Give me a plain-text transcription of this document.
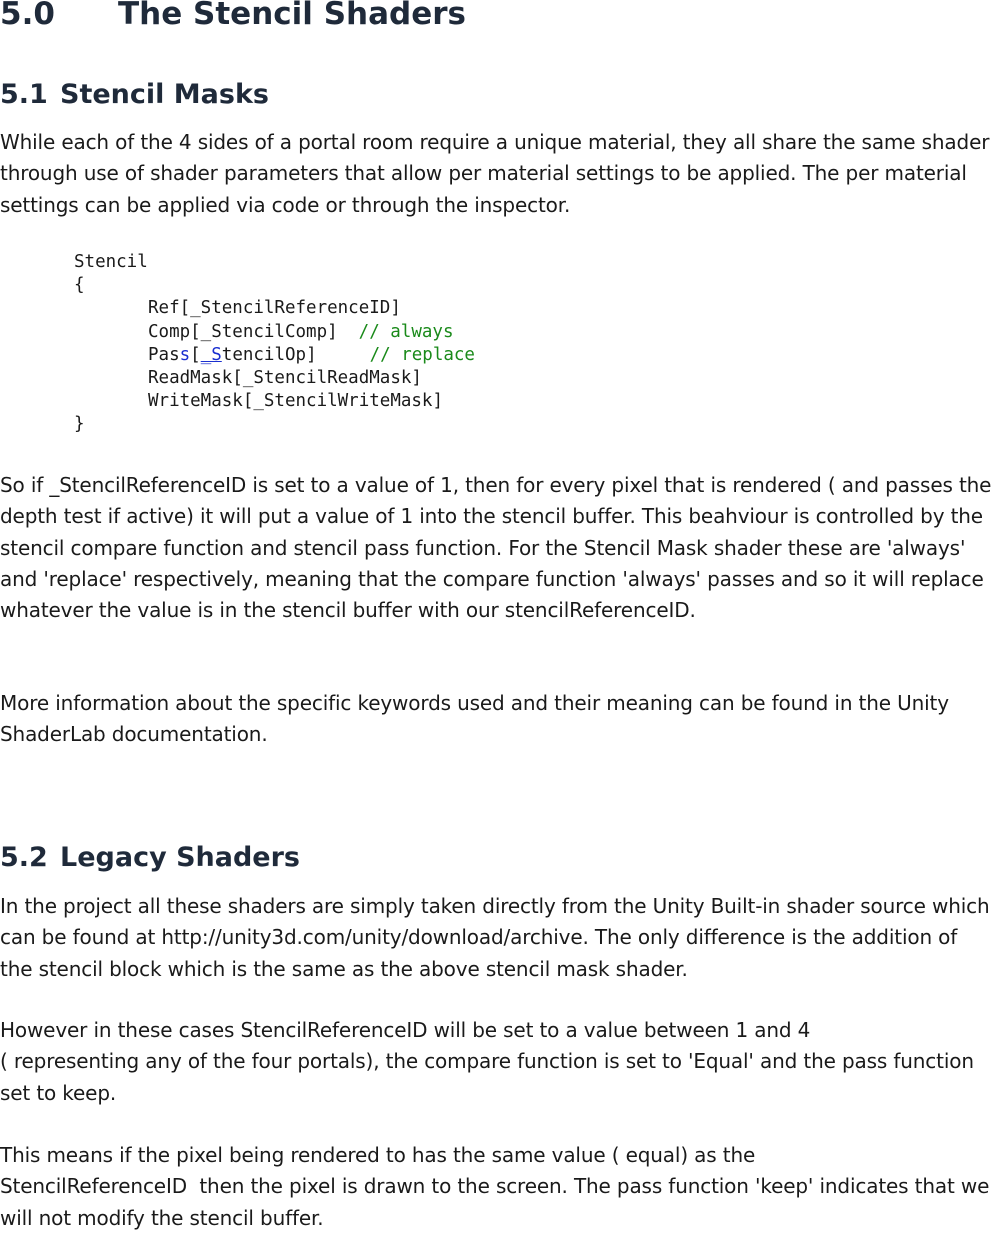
5.0 The Stencil Shaders
5.1 Stencil Masks

While each of the 4 sides of a portal room require a unique material, they all share the same shader through use of shader parameters that allow per material settings to be applied. The per material settings can be applied via code or through the inspector.

Stencil
{
Ref[_StencilReferenceID]
Comp[_StencilComp] // always
Pass[_StencilOp]	// replace
ReadMask[_StencilReadMask]
WriteMask[_StencilWriteMask]
}

So if _StencilReferenceID is set to a value of 1, then for every pixel that is rendered ( and passes the depth test if active) it will put a value of 1 into the stencil buffer. This beahviour is controlled by the stencil compare function and stencil pass function. For the Stencil Mask shader these are 'always' and 'replace' respectively, meaning that the compare function 'always' passes and so it will replace whatever the value is in the stencil buffer with our stencilReferenceID.

More information about the specific keywords used and their meaning can be found in the Unity ShaderLab documentation.

5.2 Legacy Shaders

In the project all these shaders are simply taken directly from the Unity Built-in shader source which can be found at http://unity3d.com/unity/download/archive. The only difference is the addition of the stencil block which is the same as the above stencil mask shader.

However in these cases StencilReferenceID will be set to a value between 1 and 4
( representing any of the four portals), the compare function is set to 'Equal' and the pass function set to keep.

This means if the pixel being rendered to has the same value ( equal) as the
StencilReferenceID  then the pixel is drawn to the screen. The pass function 'keep' indicates that we will not modify the stencil buffer.
